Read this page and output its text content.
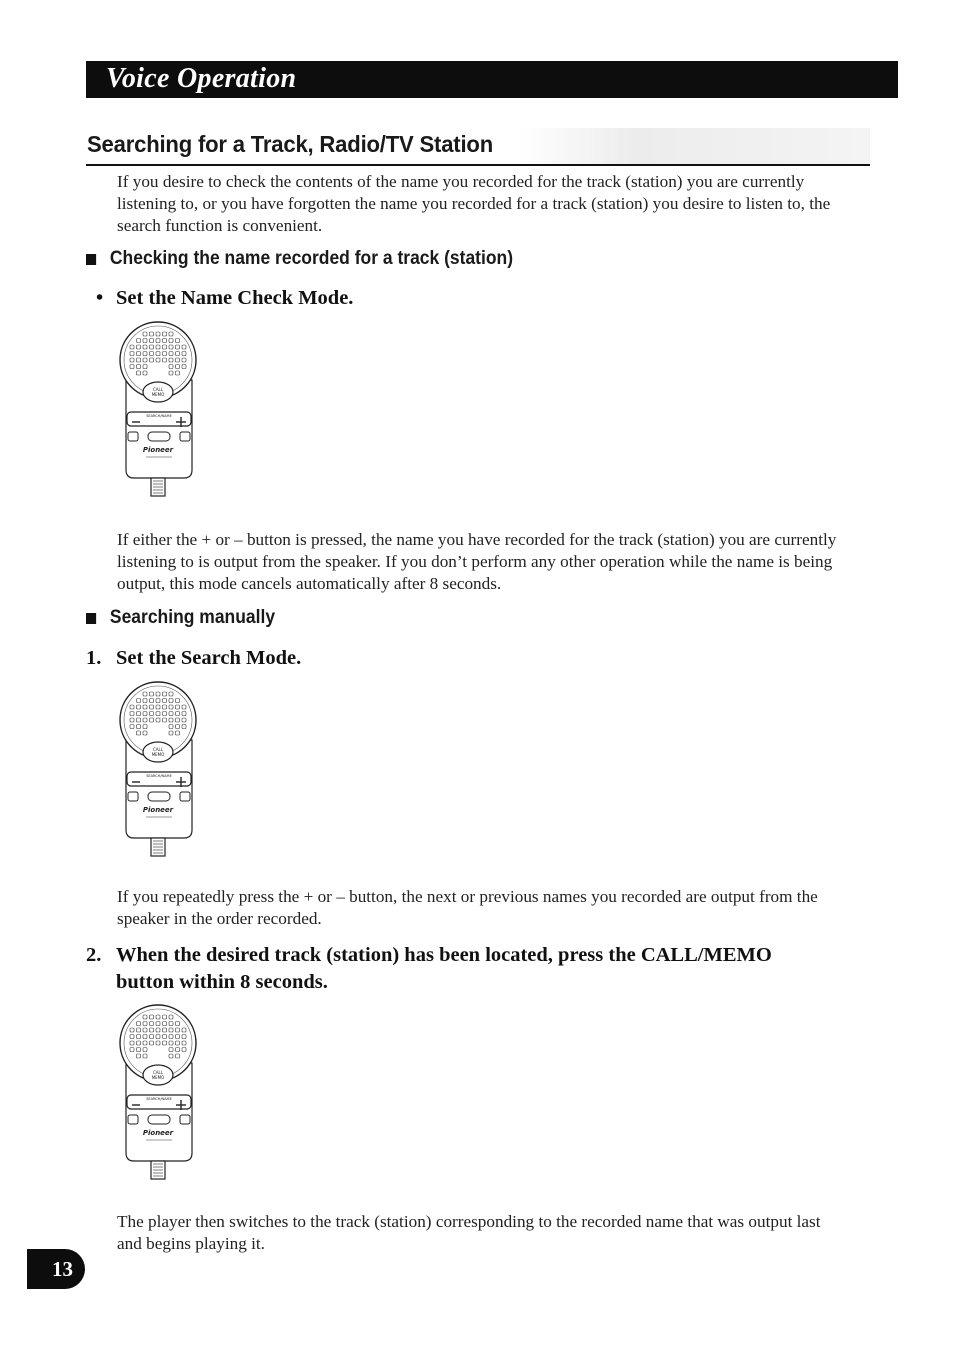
Voice Operation
Searching for a Track, Radio/TV Station
If you desire to check the contents of the name you recorded for the track (station) you are currently listening to, or you have forgotten the name you recorded for a track (station) you desire to listen to, the search function is convenient.
Checking the name recorded for a track (station)
• Set the Name Check Mode.
CALL
MEMO
SEARCH/NAME
Pioneer
If either the + or – button is pressed, the name you have recorded for the track (station) you are currently listening to is output from the speaker. If you don’t perform any other operation while the name is being output, this mode cancels automatically after 8 seconds.
Searching manually
1. Set the Search Mode.
CALL
MEMO
SEARCH/NAME
Pioneer
If you repeatedly press the + or – button, the next or previous names you recorded are output from the speaker in the order recorded.
2. When the desired track (station) has been located, press the CALL/MEMO
button within 8 seconds.
CALL
MEMO
SEARCH/NAME
Pioneer
The player then switches to the track (station) corresponding to the recorded name that was output last and begins playing it.
13
